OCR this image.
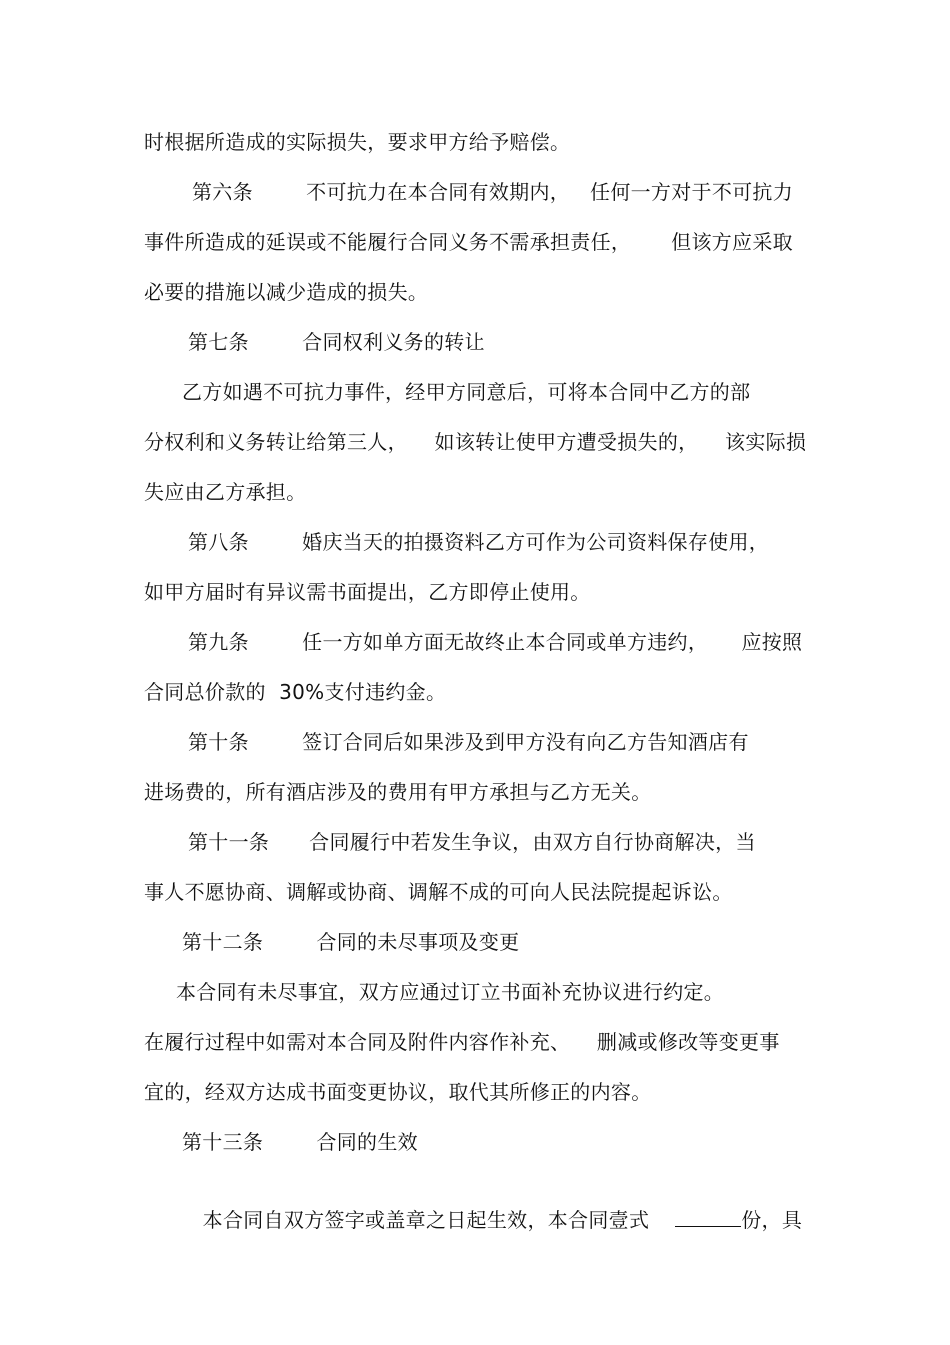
时根据所造成的实际损失，要求甲方给予赔偿。
第六条        不可抗力在本合同有效期内，   任何一方对于不可抗力
事件所造成的延误或不能履行合同义务不需承担责任，      但该方应采取
必要的措施以减少造成的损失。
第七条        合同权利义务的转让
乙方如遇不可抗力事件，经甲方同意后，可将本合同中乙方的部
分权利和义务转让给第三人，    如该转让使甲方遭受损失的，    该实际损
失应由乙方承担。
第八条        婚庆当天的拍摄资料乙方可作为公司资料保存使用，
如甲方届时有异议需书面提出，乙方即停止使用。
第九条        任一方如单方面无故终止本合同或单方违约，     应按照
合同总价款的  30%支付违约金。
第十条        签订合同后如果涉及到甲方没有向乙方告知酒店有
进场费的，所有酒店涉及的费用有甲方承担与乙方无关。
第十一条      合同履行中若发生争议，由双方自行协商解决，当
事人不愿协商、调解或协商、调解不成的可向人民法院提起诉讼。
第十二条        合同的未尽事项及变更
本合同有未尽事宜，双方应通过订立书面补充协议进行约定。
在履行过程中如需对本合同及附件内容作补充、    删减或修改等变更事
宜的，经双方达成书面变更协议，取代其所修正的内容。
第十三条        合同的生效

本合同自双方签字或盖章之日起生效，本合同壹式	份，具
